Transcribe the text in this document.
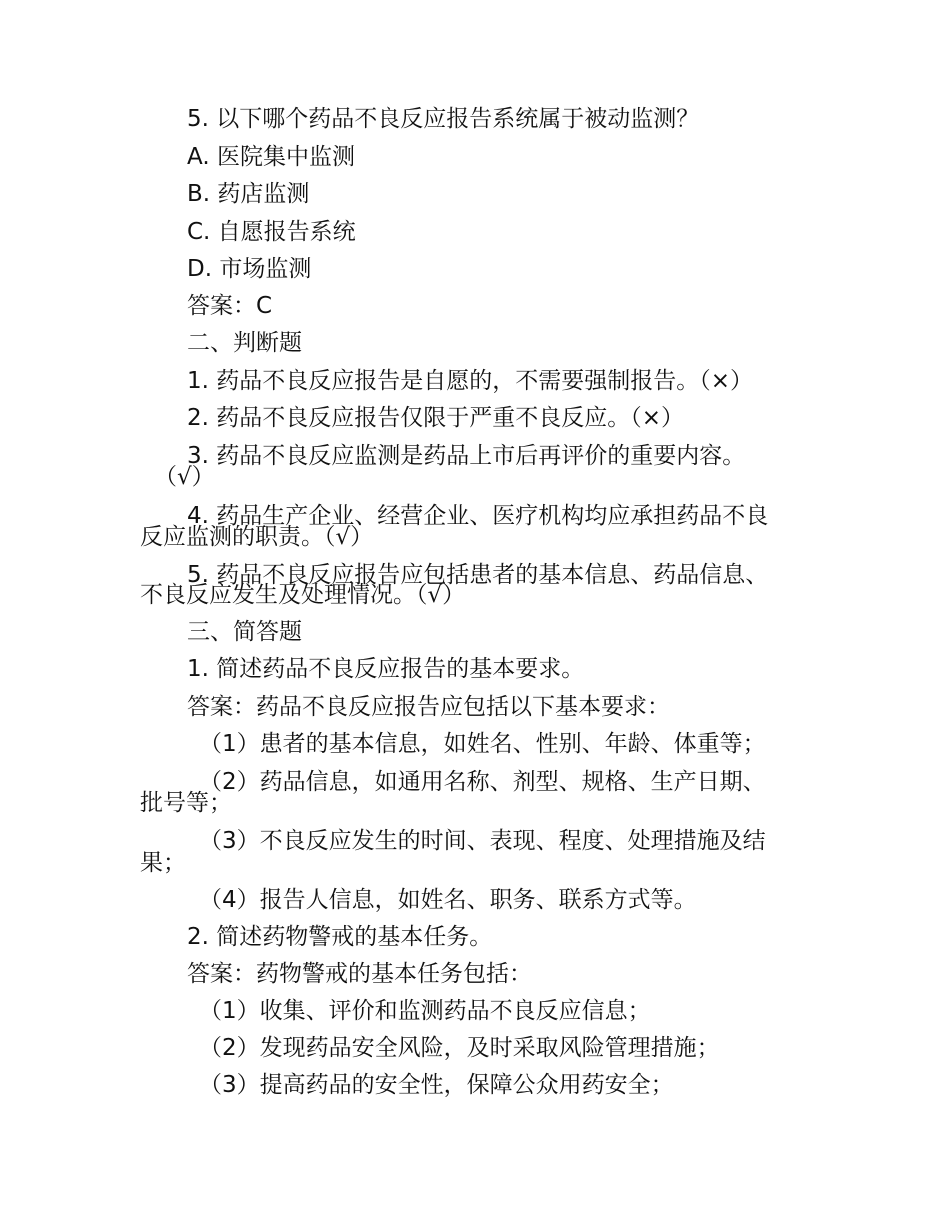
5. 以下哪个药品不良反应报告系统属于被动监测？
A. 医院集中监测
B. 药店监测
C. 自愿报告系统
D. 市场监测
答案：C
二、判断题
1. 药品不良反应报告是自愿的，不需要强制报告。（×）
2. 药品不良反应报告仅限于严重不良反应。（×）
3. 药品不良反应监测是药品上市后再评价的重要内容。
（√）
4. 药品生产企业、经营企业、医疗机构均应承担药品不良
反应监测的职责。（√）
5. 药品不良反应报告应包括患者的基本信息、药品信息、
不良反应发生及处理情况。（√）
三、简答题
1. 简述药品不良反应报告的基本要求。
答案：药品不良反应报告应包括以下基本要求：
（1）患者的基本信息，如姓名、性别、年龄、体重等；
（2）药品信息，如通用名称、剂型、规格、生产日期、
批号等；
（3）不良反应发生的时间、表现、程度、处理措施及结
果；
（4）报告人信息，如姓名、职务、联系方式等。
2. 简述药物警戒的基本任务。
答案：药物警戒的基本任务包括：
（1）收集、评价和监测药品不良反应信息；
（2）发现药品安全风险，及时采取风险管理措施；
（3）提高药品的安全性，保障公众用药安全；
